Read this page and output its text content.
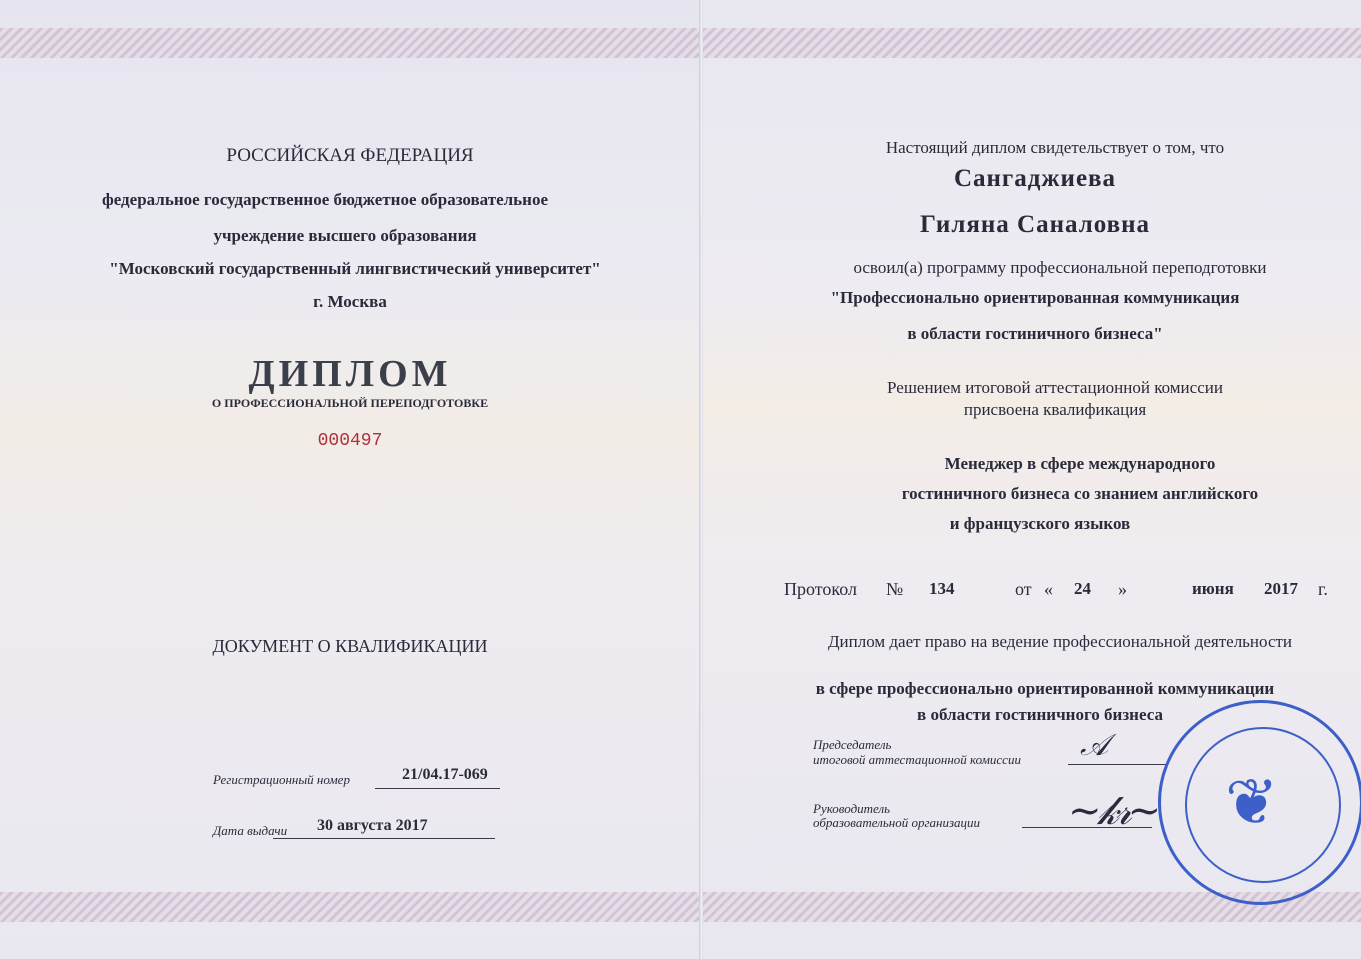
РОССИЙСКАЯ ФЕДЕРАЦИЯ
федеральное государственное бюджетное образовательное
учреждение высшего образования
"Московский государственный лингвистический университет"
г. Москва
ДИПЛОМ
О ПРОФЕССИОНАЛЬНОЙ ПЕРЕПОДГОТОВКЕ
000497
ДОКУМЕНТ О КВАЛИФИКАЦИИ
Регистрационный номер	21/04.17-069
Дата выдачи 30 августа 2017
Настоящий диплом свидетельствует о том, что
Сангаджиева
Гиляна Саналовна
освоил(а) программу профессиональной переподготовки
"Профессионально ориентированная коммуникация
в области гостиничного бизнеса"
Решением итоговой аттестационной комиссии
присвоена квалификация
Менеджер в сфере международного
гостиничного бизнеса со знанием английского
и французского языков
Протокол № 134	от « 24 »	июня 2017 г.
Диплом дает право на ведение профессиональной деятельности
в сфере профессионально ориентированной коммуникации
в области гостиничного бизнеса
Председатель
итоговой аттестационной комиссии 𝒜
Руководитель
образовательной организации ~𝓀𝓇~ ❦
